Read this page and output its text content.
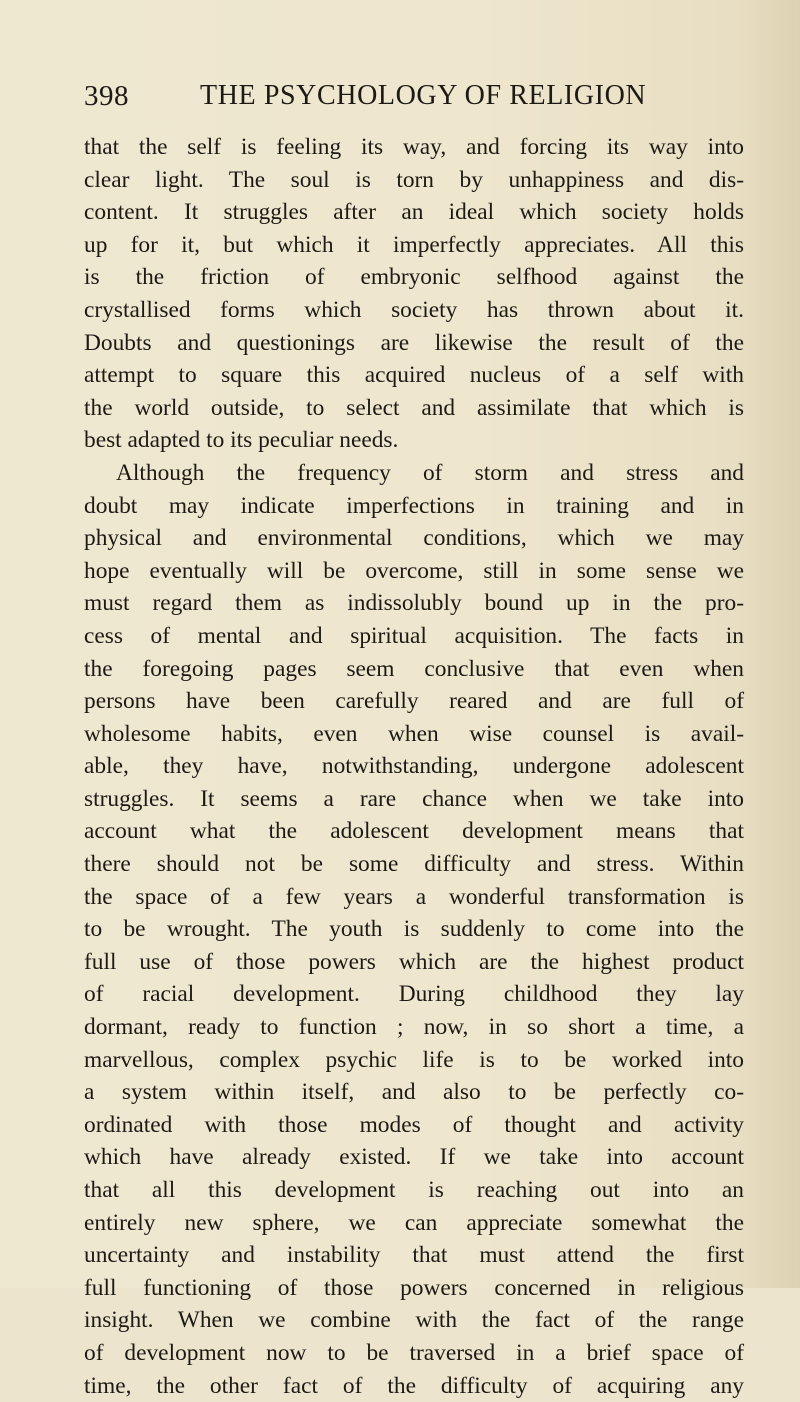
398	THE PSYCHOLOGY OF RELIGION
that the self is feeling its way, and forcing its way into
clear light. The soul is torn by unhappiness and dis-
content. It struggles after an ideal which society holds
up for it, but which it imperfectly appreciates. All this
is the friction of embryonic selfhood against the
crystallised forms which society has thrown about it.
Doubts and questionings are likewise the result of the
attempt to square this acquired nucleus of a self with
the world outside, to select and assimilate that which is
best adapted to its peculiar needs.
Although the frequency of storm and stress and
doubt may indicate imperfections in training and in
physical and environmental conditions, which we may
hope eventually will be overcome, still in some sense we
must regard them as indissolubly bound up in the pro-
cess of mental and spiritual acquisition. The facts in
the foregoing pages seem conclusive that even when
persons have been carefully reared and are full of
wholesome habits, even when wise counsel is avail-
able, they have, notwithstanding, undergone adolescent
struggles. It seems a rare chance when we take into
account what the adolescent development means that
there should not be some difficulty and stress. Within
the space of a few years a wonderful transformation is
to be wrought. The youth is suddenly to come into the
full use of those powers which are the highest product
of racial development. During childhood they lay
dormant, ready to function ; now, in so short a time, a
marvellous, complex psychic life is to be worked into
a system within itself, and also to be perfectly co-
ordinated with those modes of thought and activity
which have already existed. If we take into account
that all this development is reaching out into an
entirely new sphere, we can appreciate somewhat the
uncertainty and instability that must attend the first
full functioning of those powers concerned in religious
insight. When we combine with the fact of the range
of development now to be traversed in a brief space of
time, the other fact of the difficulty of acquiring any
